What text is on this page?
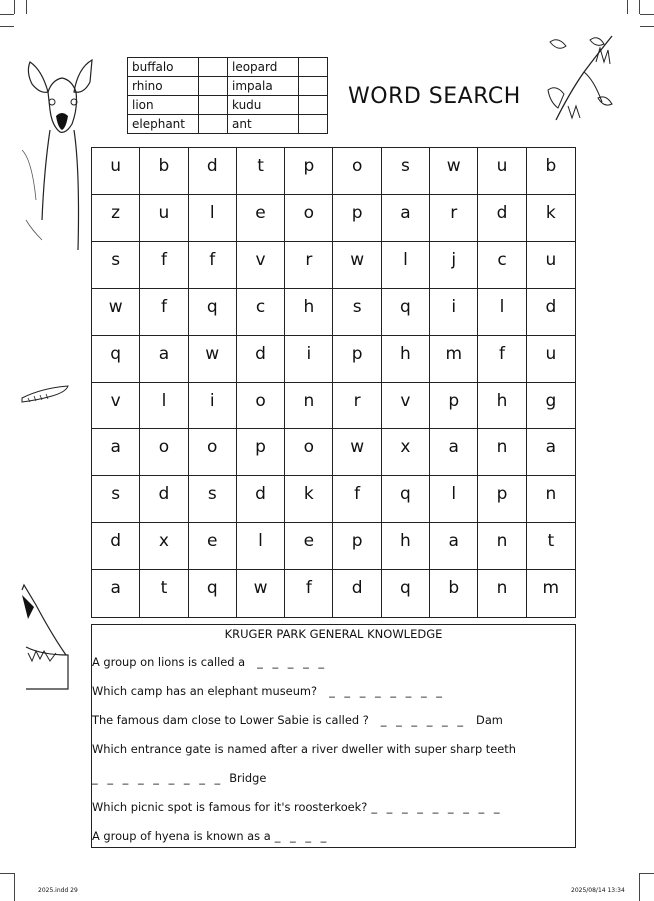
buffalo		leopard	
rhino		impala	
lion		kudu	
elephant		ant	
WORD SEARCH
u	b	d	t	p	o	s	w	u	b
z	u	l	e	o	p	a	r	d	k
s	f	f	v	r	w	l	j	c	u
w	f	q	c	h	s	q	i	l	d
q	a	w	d	i	p	h	m	f	u
v	l	i	o	n	r	v	p	h	g
a	o	o	p	o	w	x	a	n	a
s	d	s	d	k	f	q	l	p	n
d	x	e	l	e	p	h	a	n	t
a	t	q	w	f	d	q	b	n	m
KRUGER PARK GENERAL KNOWLEDGE
A group on lions is called a _ _ _ _ _
Which camp has an elephant museum? _ _ _ _ _ _ _ _
The famous dam close to Lower Sabie is called ? _ _ _ _ _ _ Dam
Which entrance gate is named after a river dweller with super sharp teeth
_ _ _ _ _ _ _ _ _ Bridge
Which picnic spot is famous for it's roosterkoek? _ _ _ _ _ _ _ _ _
A group of hyena is known as a _ _ _ _
2025.indd 29	2025/08/14 13:34
